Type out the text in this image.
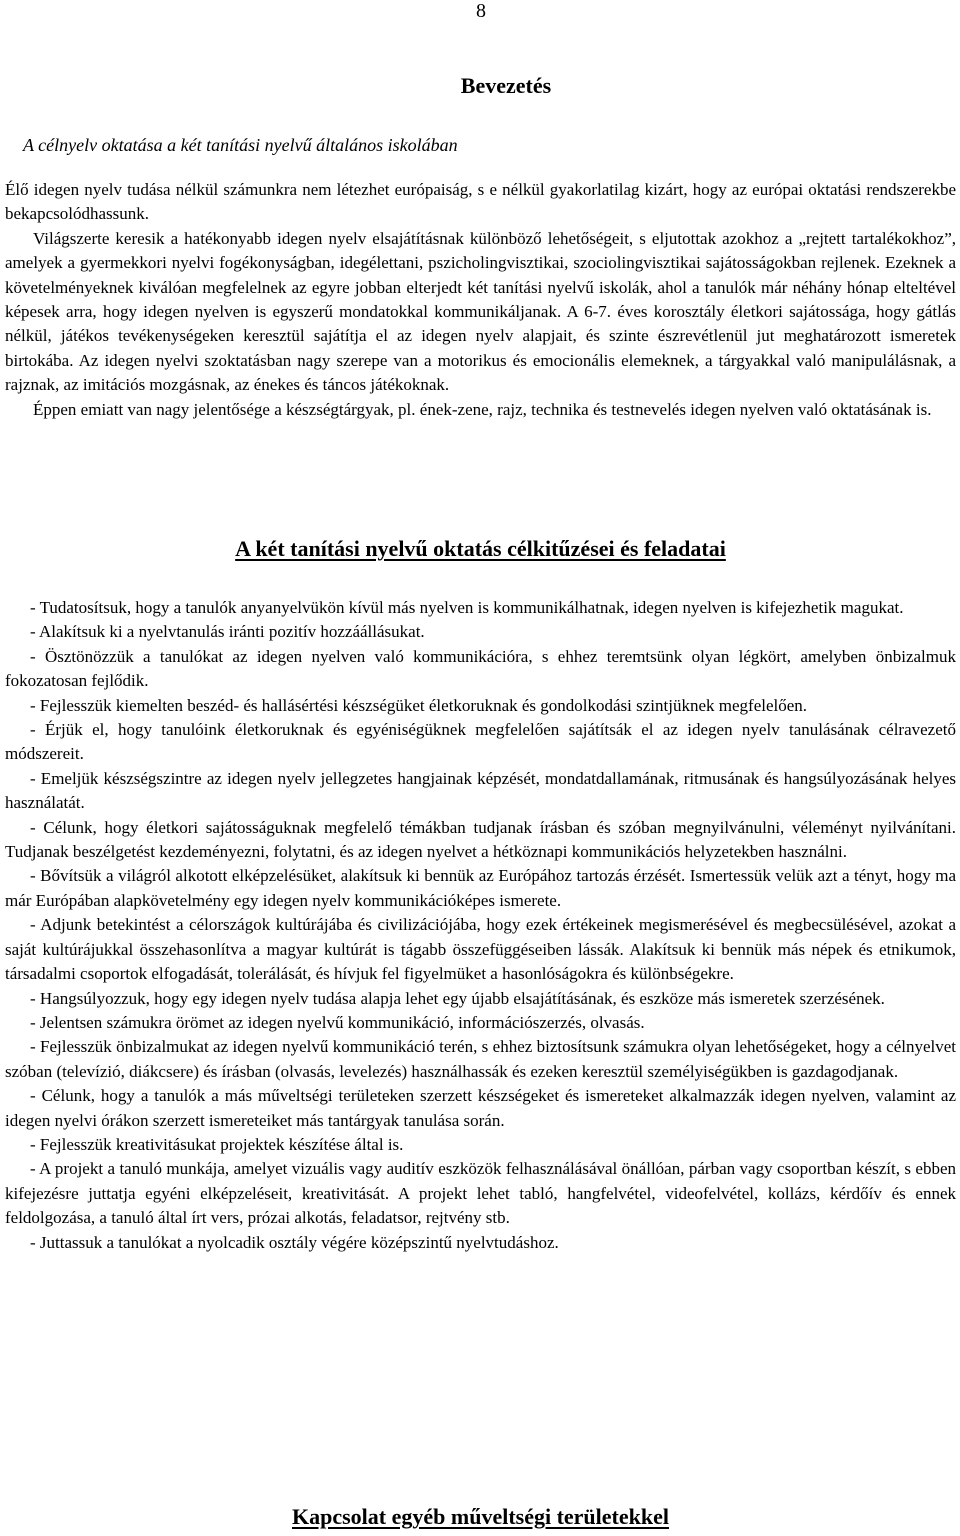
8
Bevezetés
A célnyelv oktatása a két tanítási nyelvű általános iskolában

Élő idegen nyelv tudása nélkül számunkra nem létezhet európaiság, s e nélkül gyakorlatilag kizárt, hogy az európai oktatási rendszerekbe bekapcsolódhassunk.

Világszerte keresik a hatékonyabb idegen nyelv elsajátításnak különböző lehetőségeit, s eljutottak azokhoz a „rejtett tartalékokhoz”, amelyek a gyermekkori nyelvi fogékonyságban, idegélettani, pszicholingvisztikai, szociolingvisztikai sajátosságokban rejlenek. Ezeknek a követelményeknek kiválóan megfelelnek az egyre jobban elterjedt két tanítási nyelvű iskolák, ahol a tanulók már néhány hónap elteltével képesek arra, hogy idegen nyelven is egyszerű mondatokkal kommunikáljanak. A 6-7. éves korosztály életkori sajátossága, hogy gátlás nélkül, játékos tevékenységeken keresztül sajátítja el az idegen nyelv alapjait, és szinte észrevétlenül jut meghatározott ismeretek birtokába. Az idegen nyelvi szoktatásban nagy szerepe van a motorikus és emocionális elemeknek, a tárgyakkal való manipulálásnak, a rajznak, az imitációs mozgásnak, az énekes és táncos játékoknak.

Éppen emiatt van nagy jelentősége a készségtárgyak, pl. ének-zene, rajz, technika és testnevelés idegen nyelven való oktatásának is.

A két tanítási nyelvű oktatás célkitűzései és feladatai

- Tudatosítsuk, hogy a tanulók anyanyelvükön kívül más nyelven is kommunikálhatnak, idegen nyelven is kifejezhetik magukat.

- Alakítsuk ki a nyelvtanulás iránti pozitív hozzáállásukat.

- Ösztönözzük a tanulókat az idegen nyelven való kommunikációra, s ehhez teremtsünk olyan légkört, amelyben önbizalmuk fokozatosan fejlődik.

- Fejlesszük kiemelten beszéd- és hallásértési készségüket életkoruknak és gondolkodási szintjüknek megfelelően.

- Érjük el, hogy tanulóink életkoruknak és egyéniségüknek megfelelően sajátítsák el az idegen nyelv tanulásának célravezető módszereit.

- Emeljük készségszintre az idegen nyelv jellegzetes hangjainak képzését, mondatdallamának, ritmusának és hangsúlyozásának helyes használatát.

- Célunk, hogy életkori sajátosságuknak megfelelő témákban tudjanak írásban és szóban megnyilvánulni, véleményt nyilvánítani. Tudjanak beszélgetést kezdeményezni, folytatni, és az idegen nyelvet a hétköznapi kommunikációs helyzetekben használni.

- Bővítsük a világról alkotott elképzelésüket, alakítsuk ki bennük az Európához tartozás érzését. Ismertessük velük azt a tényt, hogy ma már Európában alapkövetelmény egy idegen nyelv kommunikációképes ismerete.

- Adjunk betekintést a célországok kultúrájába és civilizációjába, hogy ezek értékeinek megismerésével és megbecsülésével, azokat a saját kultúrájukkal összehasonlítva a magyar kultúrát is tágabb összefüggéseiben lássák. Alakítsuk ki bennük más népek és etnikumok, társadalmi csoportok elfogadását, tolerálását, és hívjuk fel figyelmüket a hasonlóságokra és különbségekre.

- Hangsúlyozzuk, hogy egy idegen nyelv tudása alapja lehet egy újabb elsajátításának, és eszköze más ismeretek szerzésének.

- Jelentsen számukra örömet az idegen nyelvű kommunikáció, információszerzés, olvasás.

- Fejlesszük önbizalmukat az idegen nyelvű kommunikáció terén, s ehhez biztosítsunk számukra olyan lehetőségeket, hogy a célnyelvet szóban (televízió, diákcsere) és írásban (olvasás, levelezés) használhassák és ezeken keresztül személyiségükben is gazdagodjanak.

- Célunk, hogy a tanulók a más műveltségi területeken szerzett készségeket és ismereteket alkalmazzák idegen nyelven, valamint az idegen nyelvi órákon szerzett ismereteiket más tantárgyak tanulása során.

- Fejlesszük kreativitásukat projektek készítése által is.

- A projekt a tanuló munkája, amelyet vizuális vagy auditív eszközök felhasználásával önállóan, párban vagy csoportban készít, s ebben kifejezésre juttatja egyéni elképzeléseit, kreativitását. A projekt lehet tabló, hangfelvétel, videofelvétel, kollázs, kérdőív és ennek feldolgozása, a tanuló által írt vers, prózai alkotás, feladatsor, rejtvény stb.

- Juttassuk a tanulókat a nyolcadik osztály végére középszintű nyelvtudáshoz.

Kapcsolat egyéb műveltségi területekkel
